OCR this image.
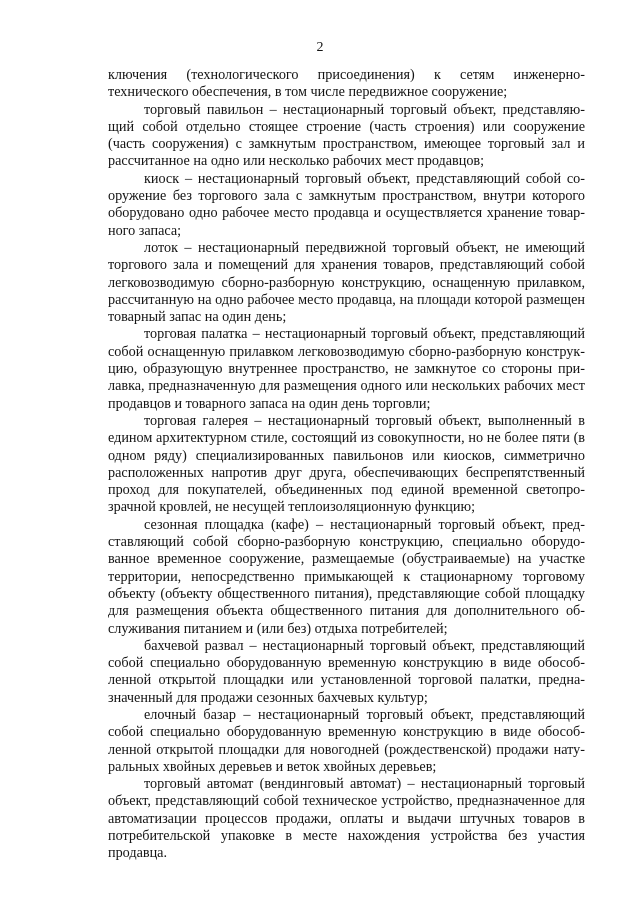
2

ключения (технологического присоединения) к сетям инженерно-технического обеспечения, в том числе передвижное сооружение;

торговый павильон – нестационарный торговый объект, представляющий собой отдельно стоящее строение (часть строения) или сооружение (часть сооружения) с замкнутым пространством, имеющее торговый зал и рассчитанное на одно или несколько рабочих мест продавцов;

киоск – нестационарный торговый объект, представляющий собой сооружение без торгового зала с замкнутым пространством, внутри которого оборудовано одно рабочее место продавца и осуществляется хранение товарного запаса;

лоток – нестационарный передвижной торговый объект, не имеющий торгового зала и помещений для хранения товаров, представляющий собой легковозводимую сборно-разборную конструкцию, оснащенную прилавком, рассчитанную на одно рабочее место продавца, на площади которой размещен товарный запас на один день;

торговая палатка – нестационарный торговый объект, представляющий собой оснащенную прилавком легковозводимую сборно-разборную конструкцию, образующую внутреннее пространство, не замкнутое со стороны прилавка, предназначенную для размещения одного или нескольких рабочих мест продавцов и товарного запаса на один день торговли;

торговая галерея – нестационарный торговый объект, выполненный в едином архитектурном стиле, состоящий из совокупности, но не более пяти (в одном ряду) специализированных павильонов или киосков, симметрично расположенных напротив друг друга, обеспечивающих беспрепятственный проход для покупателей, объединенных под единой временной светопрозрачной кровлей, не несущей теплоизоляционную функцию;

сезонная площадка (кафе) – нестационарный торговый объект, представляющий собой сборно-разборную конструкцию, специально оборудованное временное сооружение, размещаемые (обустраиваемые) на участке территории, непосредственно примыкающей к стационарному торговому объекту (объекту общественного питания), представляющие собой площадку для размещения объекта общественного питания для дополнительного обслуживания питанием и (или без) отдыха потребителей;

бахчевой развал – нестационарный торговый объект, представляющий собой специально оборудованную временную конструкцию в виде обособленной открытой площадки или установленной торговой палатки, предназначенный для продажи сезонных бахчевых культур;

елочный базар – нестационарный торговый объект, представляющий собой специально оборудованную временную конструкцию в виде обособленной открытой площадки для новогодней (рождественской) продажи натуральных хвойных деревьев и веток хвойных деревьев;

торговый автомат (вендинговый автомат) – нестационарный торговый объект, представляющий собой техническое устройство, предназначенное для автоматизации процессов продажи, оплаты и выдачи штучных товаров в потребительской упаковке в месте нахождения устройства без участия продавца.
